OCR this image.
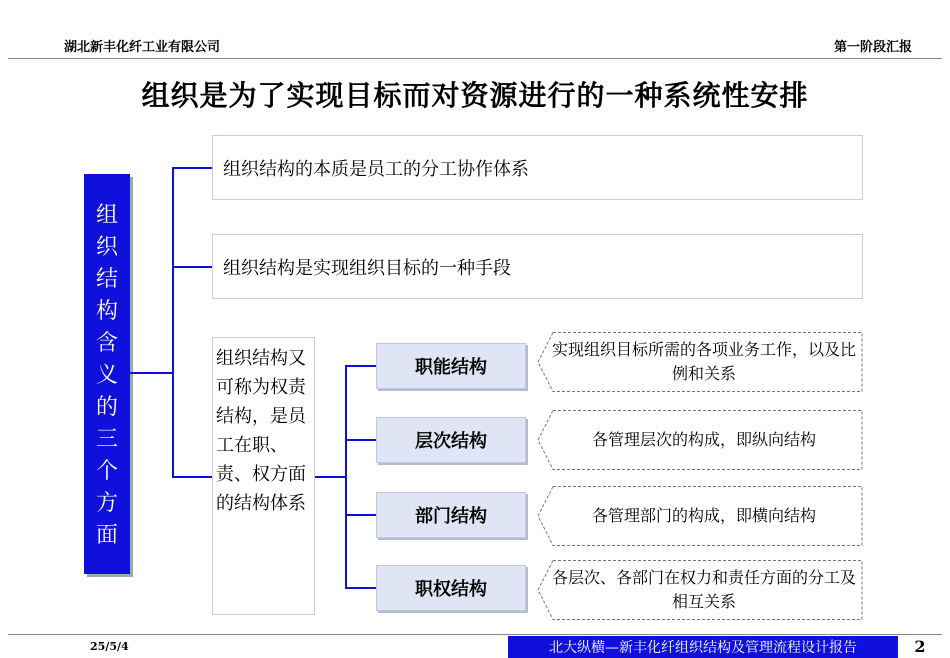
湖北新丰化纤工业有限公司	第一阶段汇报
组织是为了实现目标而对资源进行的一种系统性安排
组
织
结
构
含
义
的
三
个
方
面
组织结构的本质是员工的分工协作体系
组织结构是实现组织目标的一种手段
组织结构又可称为权责结构，是员工在职、责、权方面的结构体系
职能结构
层次结构
部门结构
职权结构
实现组织目标所需的各项业务工作，以及比例和关系
各管理层次的构成，即纵向结构
各管理部门的构成，即横向结构
各层次、各部门在权力和责任方面的分工及相互关系
25/5/4	北大纵横—新丰化纤组织结构及管理流程设计报告	2
